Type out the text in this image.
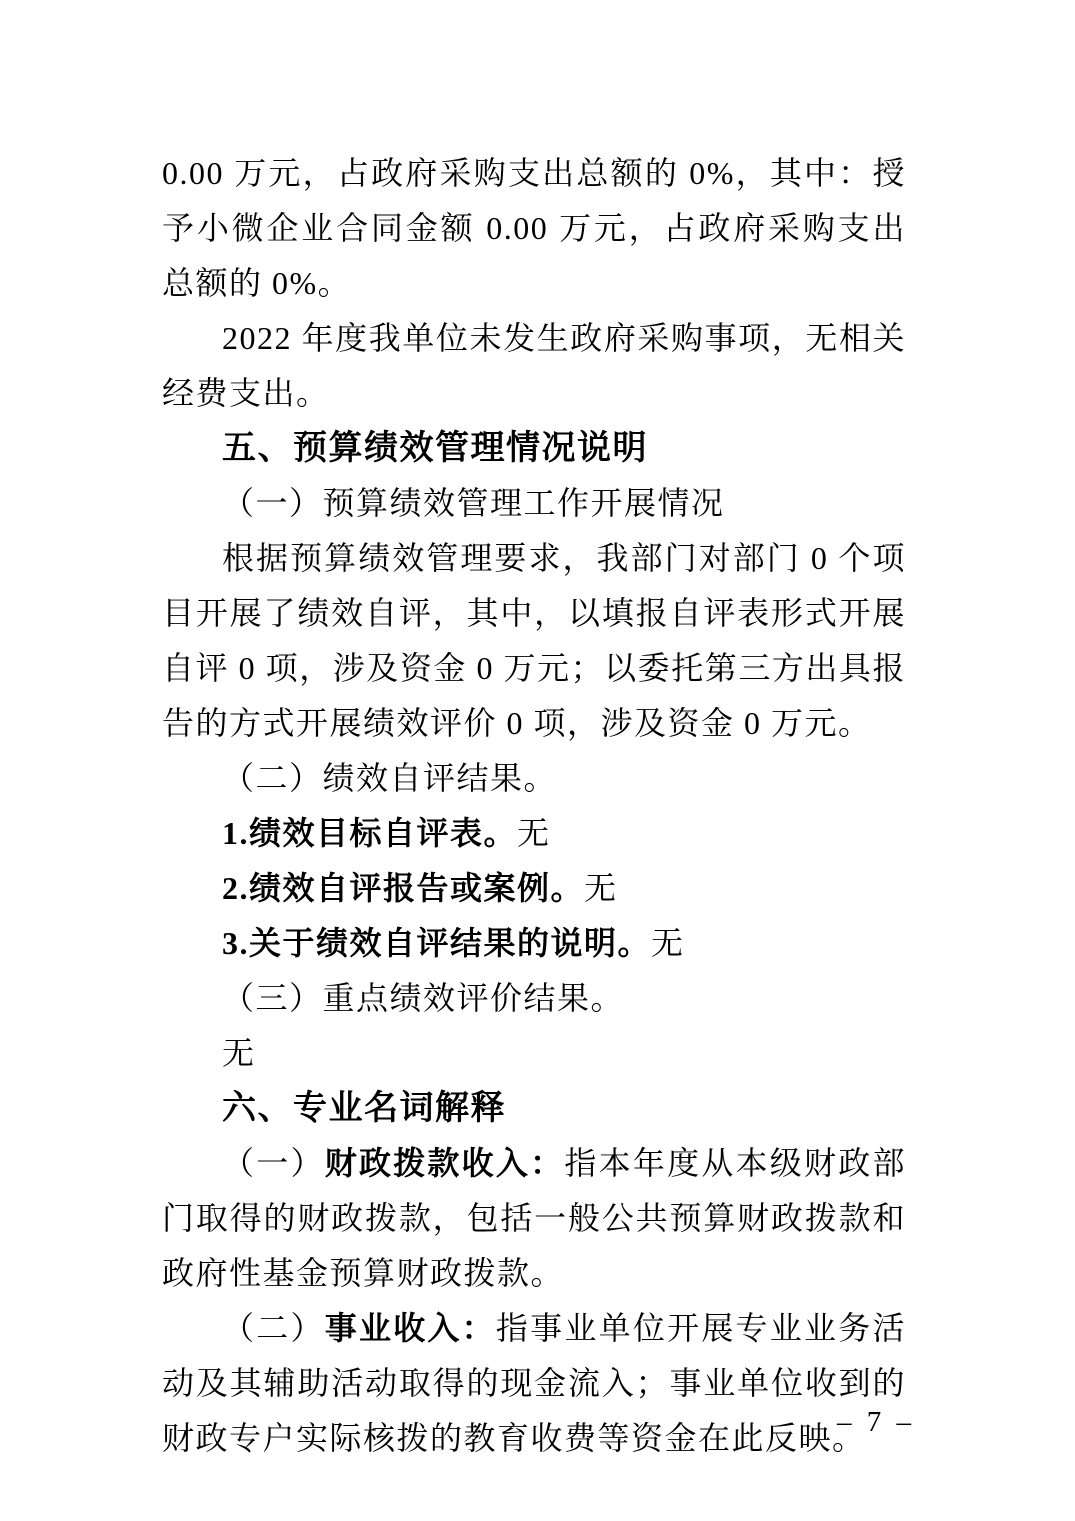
0.00 万元，占政府采购支出总额的 0%，其中：授予小微企业合同金额 0.00 万元，占政府采购支出总额的 0%。

2022 年度我单位未发生政府采购事项，无相关经费支出。

五、预算绩效管理情况说明

（一）预算绩效管理工作开展情况

根据预算绩效管理要求，我部门对部门 0 个项目开展了绩效自评，其中，以填报自评表形式开展自评 0 项，涉及资金 0 万元；以委托第三方出具报告的方式开展绩效评价 0 项，涉及资金 0 万元。

（二）绩效自评结果。

1.绩效目标自评表。无

2.绩效自评报告或案例。无

3.关于绩效自评结果的说明。无

（三）重点绩效评价结果。

无

六、专业名词解释

（一）财政拨款收入：指本年度从本级财政部门取得的财政拨款，包括一般公共预算财政拨款和政府性基金预算财政拨款。

（二）事业收入：指事业单位开展专业业务活动及其辅助活动取得的现金流入；事业单位收到的财政专户实际核拨的教育收费等资金在此反映。

– 7 –
